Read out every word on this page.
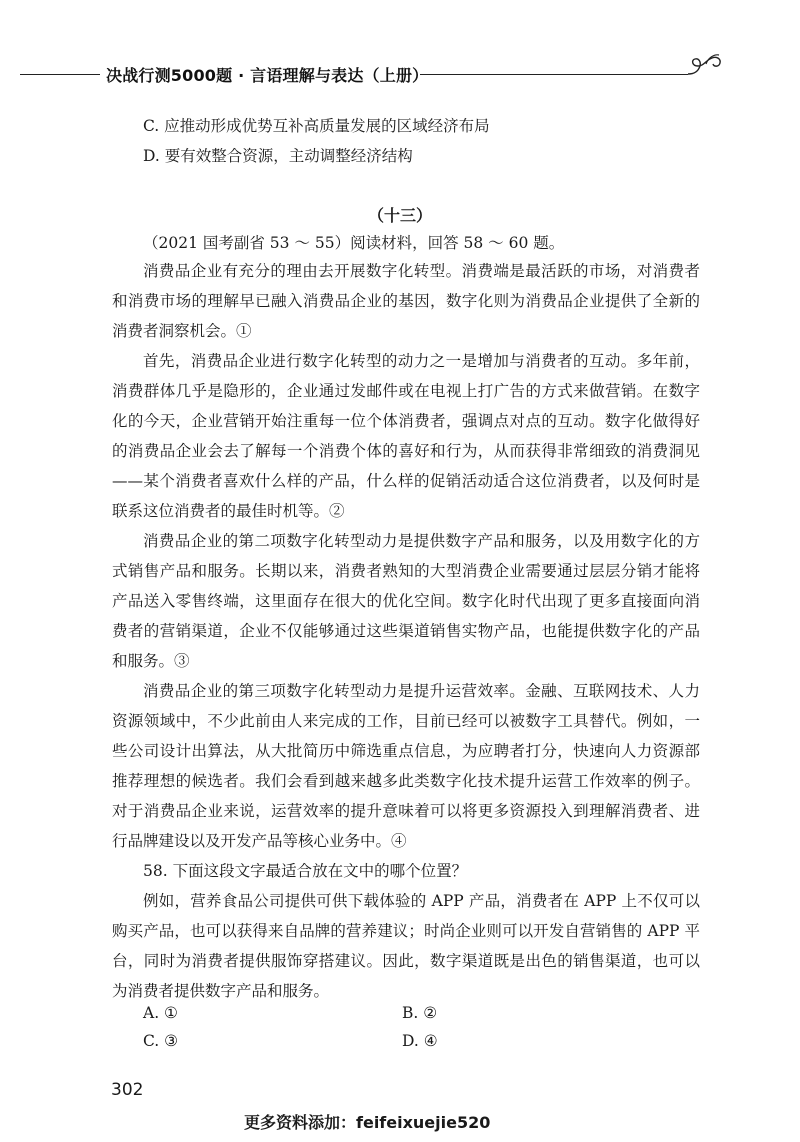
决战行测5000题 · 言语理解与表达（上册）
C. 应推动形成优势互补高质量发展的区域经济布局
D. 要有效整合资源，主动调整经济结构
（十三）
（2021 国考副省 53 ～ 55）阅读材料，回答 58 ～ 60 题。

消费品企业有充分的理由去开展数字化转型。消费端是最活跃的市场，对消费者和消费市场的理解早已融入消费品企业的基因，数字化则为消费品企业提供了全新的消费者洞察机会。①

首先，消费品企业进行数字化转型的动力之一是增加与消费者的互动。多年前，消费群体几乎是隐形的，企业通过发邮件或在电视上打广告的方式来做营销。在数字化的今天，企业营销开始注重每一位个体消费者，强调点对点的互动。数字化做得好的消费品企业会去了解每一个消费个体的喜好和行为，从而获得非常细致的消费洞见——某个消费者喜欢什么样的产品，什么样的促销活动适合这位消费者，以及何时是联系这位消费者的最佳时机等。②

消费品企业的第二项数字化转型动力是提供数字产品和服务，以及用数字化的方式销售产品和服务。长期以来，消费者熟知的大型消费企业需要通过层层分销才能将产品送入零售终端，这里面存在很大的优化空间。数字化时代出现了更多直接面向消费者的营销渠道，企业不仅能够通过这些渠道销售实物产品，也能提供数字化的产品和服务。③

消费品企业的第三项数字化转型动力是提升运营效率。金融、互联网技术、人力资源领域中，不少此前由人来完成的工作，目前已经可以被数字工具替代。例如，一些公司设计出算法，从大批简历中筛选重点信息，为应聘者打分，快速向人力资源部推荐理想的候选者。我们会看到越来越多此类数字化技术提升运营工作效率的例子。对于消费品企业来说，运营效率的提升意味着可以将更多资源投入到理解消费者、进行品牌建设以及开发产品等核心业务中。④

58. 下面这段文字最适合放在文中的哪个位置？

例如，营养食品公司提供可供下载体验的 APP 产品，消费者在 APP 上不仅可以购买产品，也可以获得来自品牌的营养建议；时尚企业则可以开发自营销售的 APP 平台，同时为消费者提供服饰穿搭建议。因此，数字渠道既是出色的销售渠道，也可以为消费者提供数字产品和服务。

A. ①	B. ②
C. ③	D. ④
302
更多资料添加：feifeixuejie520
